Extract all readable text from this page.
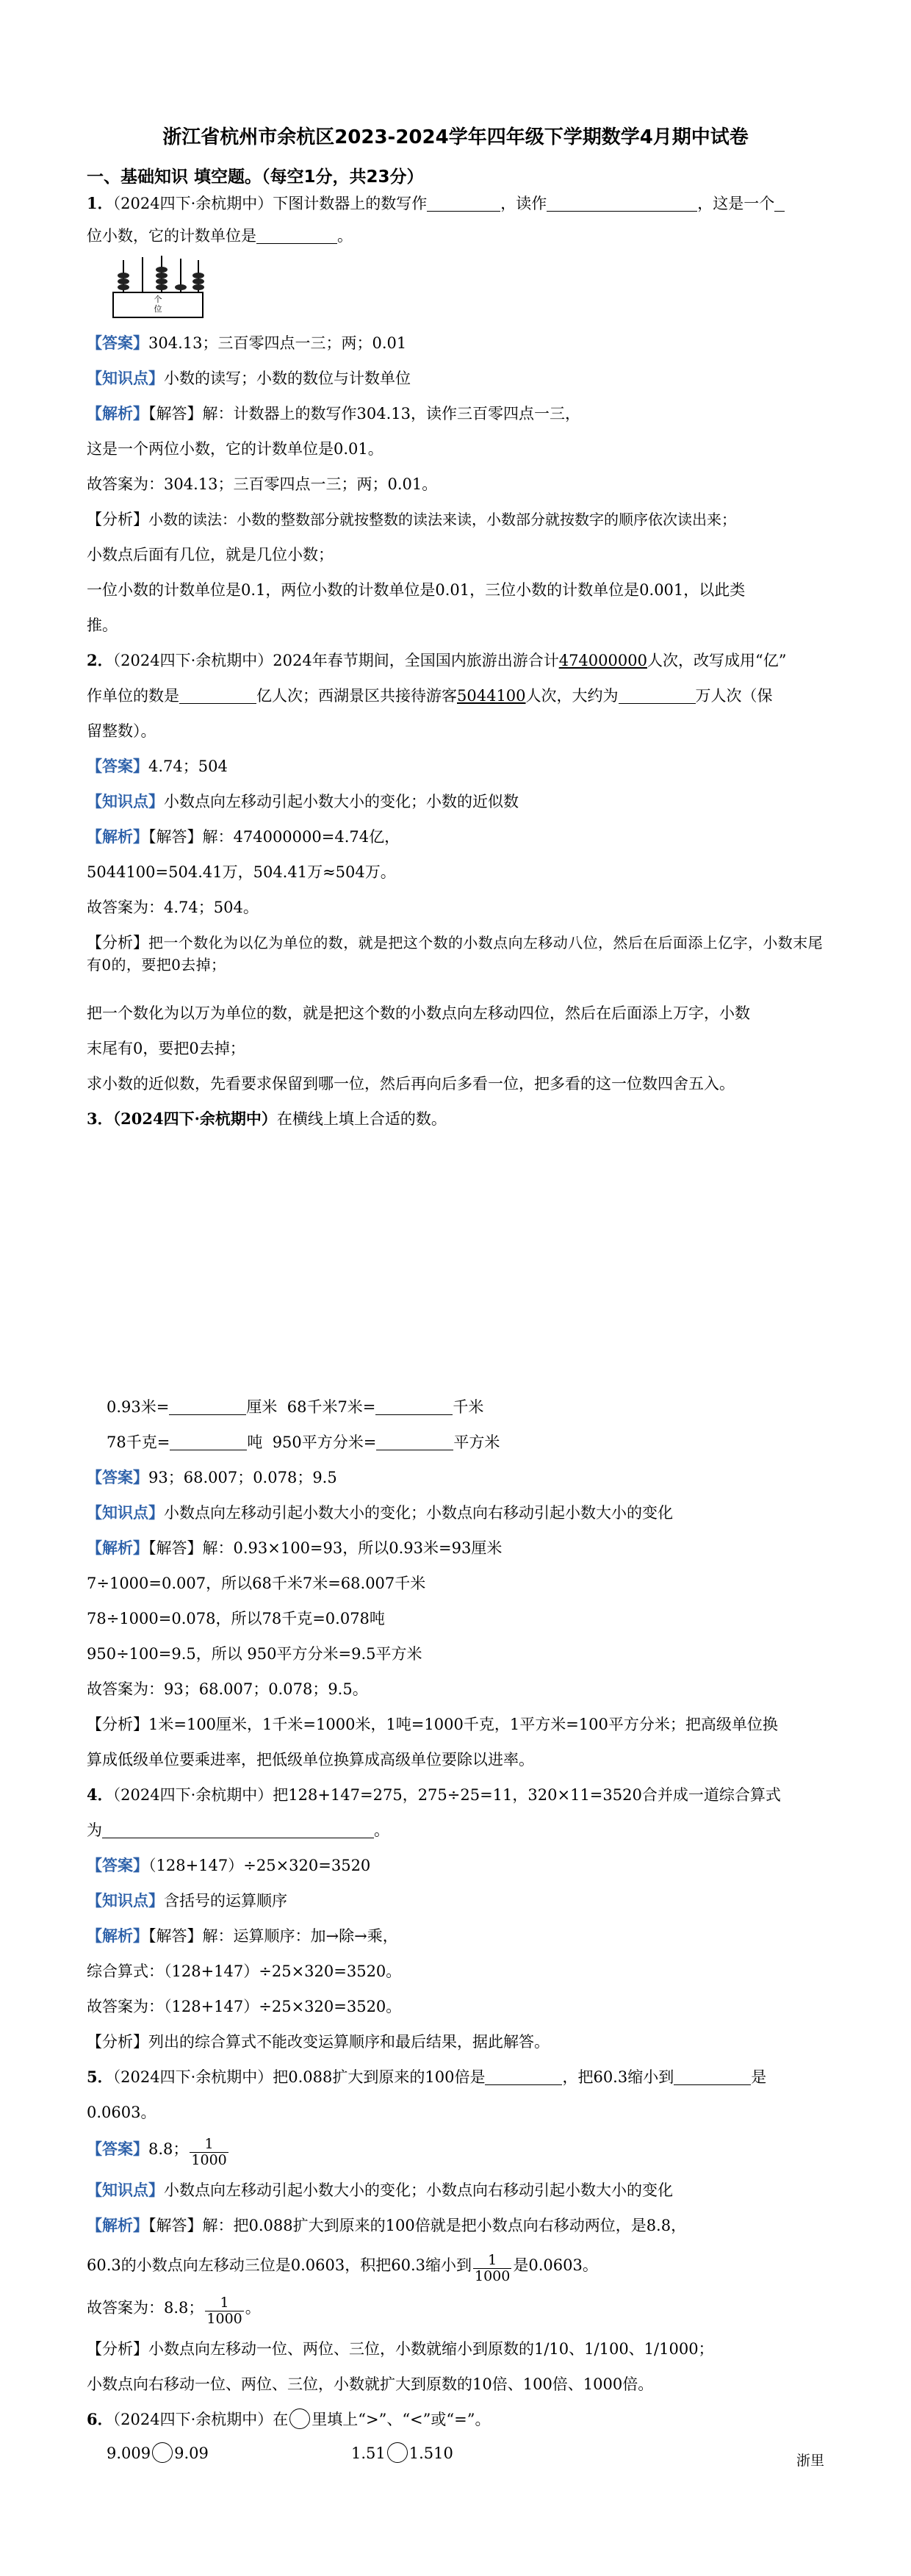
浙江省杭州市余杭区2023-2024学年四年级下学期数学4月期中试卷
一、基础知识 填空题。（每空1分，共23分）
1．（2024四下·余杭期中）下图计数器上的数写作	，读作	，这是一个
位小数，它的计数单位是	。
个
位
【答案】304.13；三百零四点一三；两；0.01
【知识点】小数的读写；小数的数位与计数单位
【解析】【解答】解：计数器上的数写作304.13，读作三百零四点一三，
这是一个两位小数，它的计数单位是0.01。
故答案为：304.13；三百零四点一三；两；0.01。
【分析】小数的读法：小数的整数部分就按整数的读法来读，小数部分就按数字的顺序依次读出来；
小数点后面有几位，就是几位小数；
一位小数的计数单位是0.1，两位小数的计数单位是0.01，三位小数的计数单位是0.001，以此类
推。
2．（2024四下·余杭期中）2024年春节期间，全国国内旅游出游合计474000000人次，改写成用“亿”
作单位的数是	亿人次；西湖景区共接待游客5044100人次，大约为	万人次（保
留整数）。
【答案】4.74；504
【知识点】小数点向左移动引起小数大小的变化；小数的近似数
【解析】【解答】解：474000000=4.74亿，
5044100=504.41万，504.41万≈504万。
故答案为：4.74；504。
【分析】把一个数化为以亿为单位的数，就是把这个数的小数点向左移动八位，然后在后面添上亿字，小数末尾有0的，要把0去掉；
把一个数化为以万为单位的数，就是把这个数的小数点向左移动四位，然后在后面添上万字，小数
末尾有0，要把0去掉；
求小数的近似数，先看要求保留到哪一位，然后再向后多看一位，把多看的这一位数四舍五入。
3．（2024四下·余杭期中）在横线上填上合适的数。
0.93米=	厘米 68千米7米=	千米
78千克=	吨 950平方分米=	平方米
【答案】93；68.007；0.078；9.5
【知识点】小数点向左移动引起小数大小的变化；小数点向右移动引起小数大小的变化
【解析】【解答】解：0.93×100=93，所以0.93米=93厘米
7÷1000=0.007，所以68千米7米=68.007千米
78÷1000=0.078，所以78千克=0.078吨
950÷100=9.5，所以 950平方分米=9.5平方米
故答案为：93；68.007；0.078；9.5。
【分析】1米=100厘米，1千米=1000米，1吨=1000千克，1平方米=100平方分米；把高级单位换
算成低级单位要乘进率，把低级单位换算成高级单位要除以进率。
4．（2024四下·余杭期中）把128+147=275，275÷25=11，320×11=3520合并成一道综合算式
为	。
【答案】（128+147）÷25×320=3520
【知识点】含括号的运算顺序
【解析】【解答】解：运算顺序：加→除→乘，
综合算式：（128+147）÷25×320=3520。
故答案为：（128+147）÷25×320=3520。
【分析】列出的综合算式不能改变运算顺序和最后结果，据此解答。
5．（2024四下·余杭期中）把0.088扩大到原来的100倍是	，把60.3缩小到	是
0.0603。
【答案】8.8； $\frac{1}{1000}$
【知识点】小数点向左移动引起小数大小的变化；小数点向右移动引起小数大小的变化
【解析】【解答】解：把0.088扩大到原来的100倍就是把小数点向右移动两位，是8.8，
60.3的小数点向左移动三位是0.0603，积把60.3缩小到 $\frac{1}{1000}$ 是0.0603。
故答案为：8.8； $\frac{1}{1000}$ 。
【分析】小数点向左移动一位、两位、三位，小数就缩小到原数的1/10、1/100、1/1000；
小数点向右移动一位、两位、三位，小数就扩大到原数的10倍、100倍、1000倍。
6．（2024四下·余杭期中）在 里填上“>”、“<”或“=”。
9.009 9.09	1.51 1.510	浙里
